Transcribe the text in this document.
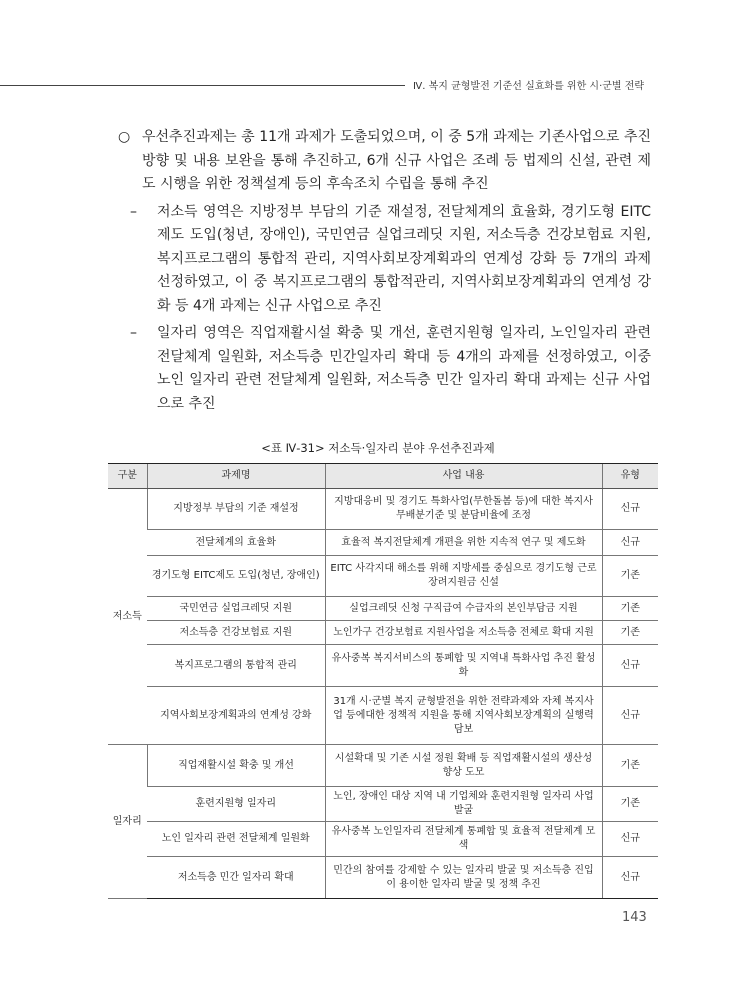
Ⅳ. 복지 균형발전 기준선 실효화를 위한 시·군별 전략
○ 우선추진과제는 총 11개 과제가 도출되었으며, 이 중 5개 과제는 기존사업으로 추진 방향 및 내용 보완을 통해 추진하고, 6개 신규 사업은 조례 등 법제의 신설, 관련 제도 시행을 위한 정책설계 등의 후속조치 수립을 통해 추진
– 저소득 영역은 지방정부 부담의 기준 재설정, 전달체계의 효율화, 경기도형 EITC제도 도입(청년, 장애인), 국민연금 실업크레딧 지원, 저소득층 건강보험료 지원, 복지프로그램의 통합적 관리, 지역사회보장계획과의 연계성 강화 등 7개의 과제 선정하였고, 이 중 복지프로그램의 통합적관리, 지역사회보장계획과의 연계성 강화 등 4개 과제는 신규 사업으로 추진
– 일자리 영역은 직업재활시설 확충 및 개선, 훈련지원형 일자리, 노인일자리 관련 전달체계 일원화, 저소득층 민간일자리 확대 등 4개의 과제를 선정하였고, 이중 노인 일자리 관련 전달체계 일원화, 저소득층 민간 일자리 확대 과제는 신규 사업으로 추진
<표 Ⅳ-31> 저소득·일자리 분야 우선추진과제
구분	과제명	사업 내용	유형
저소득	지방정부 부담의 기준 재설정	지방대응비 및 경기도 특화사업(무한돌봄 등)에 대한 복지사무배분기준 및 분담비율에 조정	신규
	전달체계의 효율화	효율적 복지전달체계 개편을 위한 지속적 연구 및 제도화	신규
	경기도형 EITC제도 도입(청년, 장애인)	EITC 사각지대 해소를 위해 지방세를 중심으로 경기도형 근로장려지원금 신설	기존
	국민연금 실업크레딧 지원	실업크레딧 신청 구직급여 수급자의 본인부담금 지원	기존
	저소득층 건강보험료 지원	노인가구 건강보험료 지원사업을 저소득층 전체로 확대 지원	기존
	복지프로그램의 통합적 관리	유사중복 복지서비스의 통폐합 및 지역내 특화사업 추진 활성화	신규
	지역사회보장계획과의 연계성 강화	31개 시·군별 복지 균형발전을 위한 전략과제와 자체 복지사업 등에대한 정책적 지원을 통해 지역사회보장계획의 실행력 담보	신규
일자리	직업재활시설 확충 및 개선	시설확대 및 기존 시설 정원 확배 등 직업재활시설의 생산성 향상 도모	기존
	훈련지원형 일자리	노인, 장애인 대상 지역 내 기업체와 훈련지원형 일자리 사업 발굴	기존
	노인 일자리 관련 전달체계 일원화	유사중복 노인일자리 전달체계 통폐합 및 효율적 전달체계 모색	신규
	저소득층 민간 일자리 확대	민간의 참여를 강제할 수 있는 일자리 발굴 및 저소득층 진입이 용이한 일자리 발굴 및 정책 추진	신규
143
